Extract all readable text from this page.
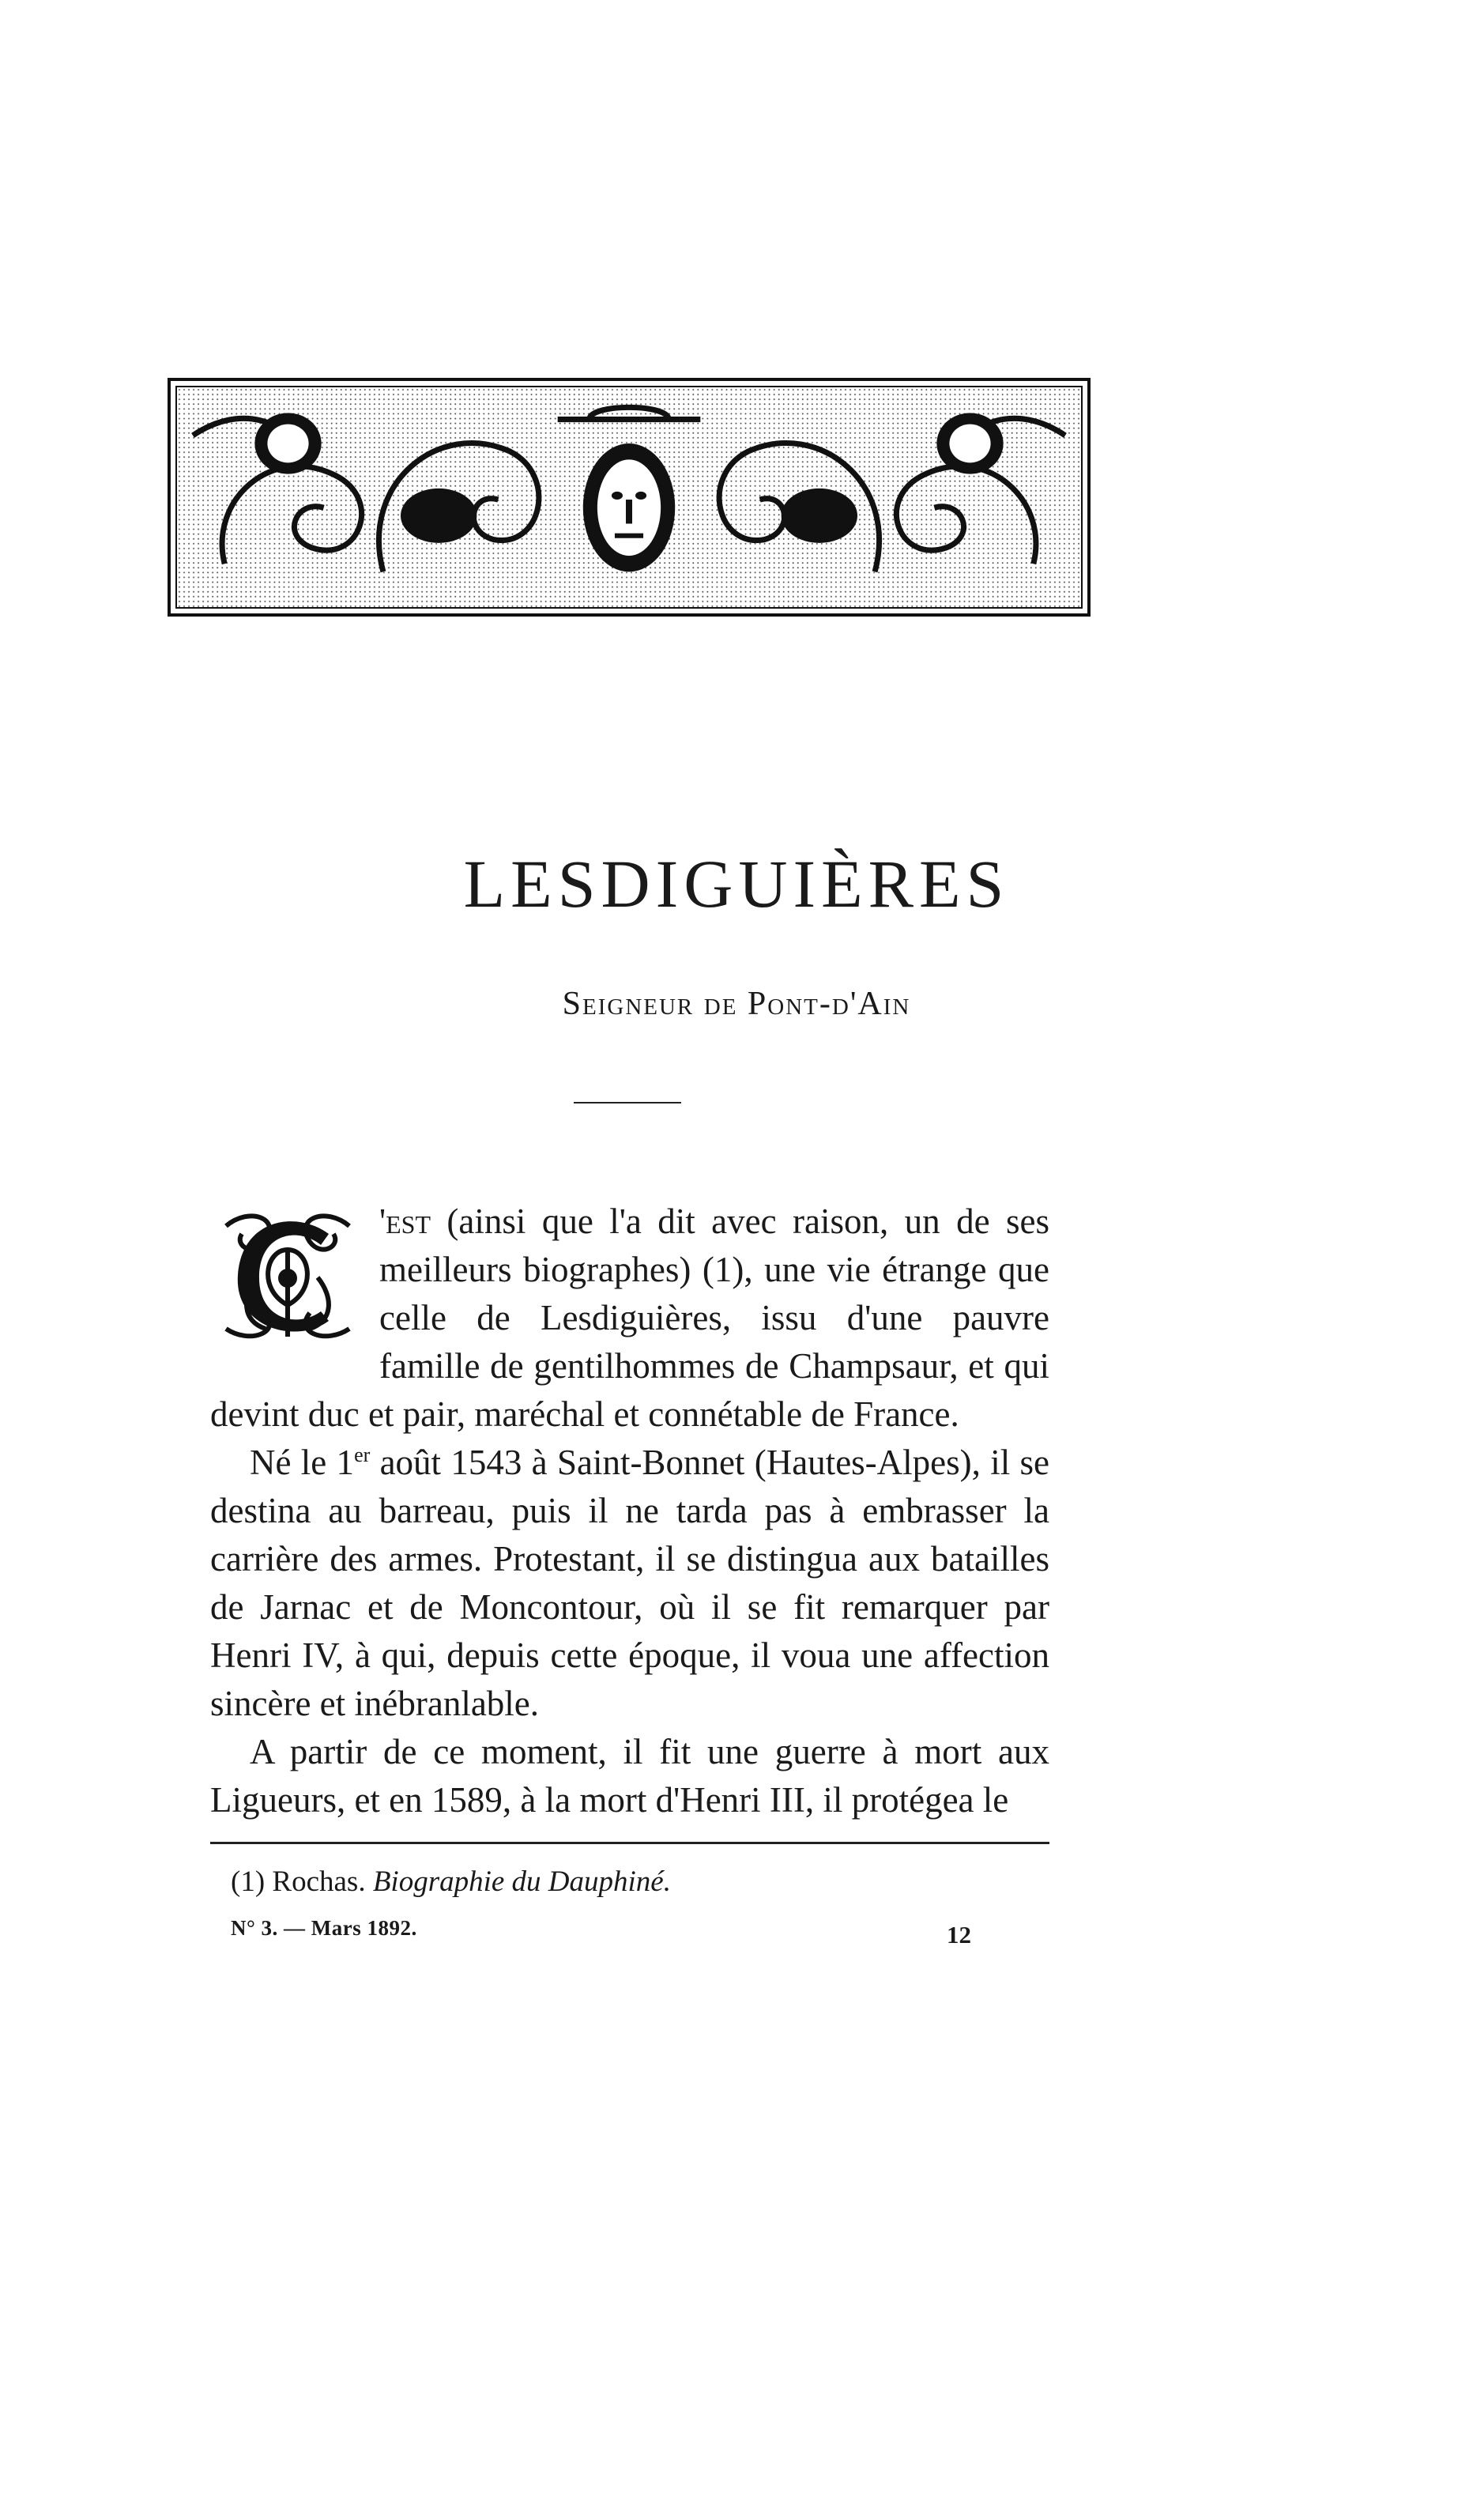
LESDIGUIÈRES
Seigneur de Pont-d'Ain

'est (ainsi que l'a dit avec raison, un de ses meilleurs biographes) (1), une vie étrange que celle de Lesdiguières, issu d'une pauvre famille de gentilhommes de Champsaur, et qui devint duc et pair, maréchal et connétable de France.

Né le 1er août 1543 à Saint-Bonnet (Hautes-Alpes), il se destina au barreau, puis il ne tarda pas à embrasser la carrière des armes. Protestant, il se distingua aux batailles de Jarnac et de Moncontour, où il se fit remarquer par Henri IV, à qui, depuis cette époque, il voua une affection sincère et inébranlable.

A partir de ce moment, il fit une guerre à mort aux Ligueurs, et en 1589, à la mort d'Henri III, il protégea le

(1) Rochas. Biographie du Dauphiné.
N° 3. — Mars 1892.	12
